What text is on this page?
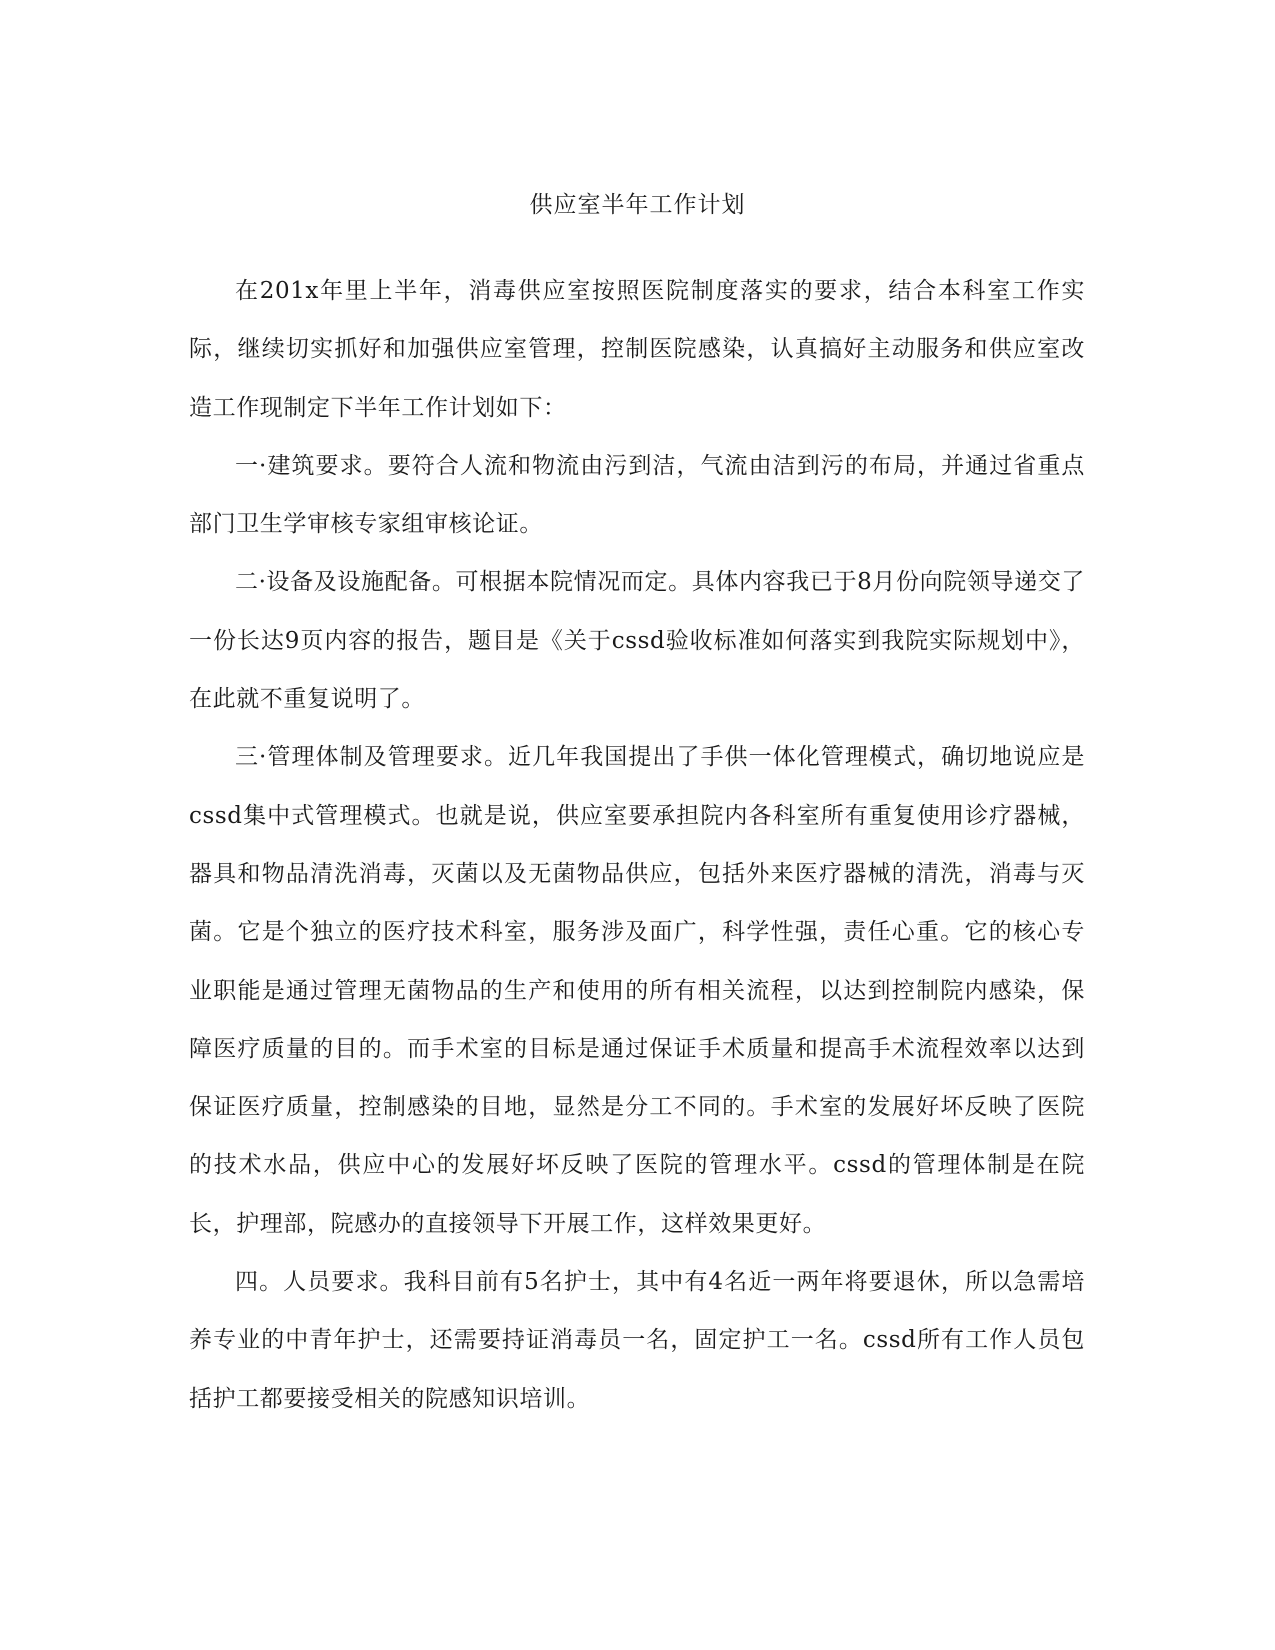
供应室半年工作计划

在201x年里上半年，消毒供应室按照医院制度落实的要求，结合本科室工作实际，继续切实抓好和加强供应室管理，控制医院感染，认真搞好主动服务和供应室改造工作现制定下半年工作计划如下：

一·建筑要求。要符合人流和物流由污到洁，气流由洁到污的布局，并通过省重点部门卫生学审核专家组审核论证。

二·设备及设施配备。可根据本院情况而定。具体内容我已于8月份向院领导递交了一份长达9页内容的报告，题目是《关于cssd验收标准如何落实到我院实际规划中》，在此就不重复说明了。

三·管理体制及管理要求。近几年我国提出了手供一体化管理模式，确切地说应是cssd集中式管理模式。也就是说，供应室要承担院内各科室所有重复使用诊疗器械，器具和物品清洗消毒，灭菌以及无菌物品供应，包括外来医疗器械的清洗，消毒与灭菌。它是个独立的医疗技术科室，服务涉及面广，科学性强，责任心重。它的核心专业职能是通过管理无菌物品的生产和使用的所有相关流程，以达到控制院内感染，保障医疗质量的目的。而手术室的目标是通过保证手术质量和提高手术流程效率以达到保证医疗质量，控制感染的目地，显然是分工不同的。手术室的发展好坏反映了医院的技术水品，供应中心的发展好坏反映了医院的管理水平。cssd的管理体制是在院长，护理部，院感办的直接领导下开展工作，这样效果更好。

四。人员要求。我科目前有5名护士，其中有4名近一两年将要退休，所以急需培养专业的中青年护士，还需要持证消毒员一名，固定护工一名。cssd所有工作人员包括护工都要接受相关的院感知识培训。
